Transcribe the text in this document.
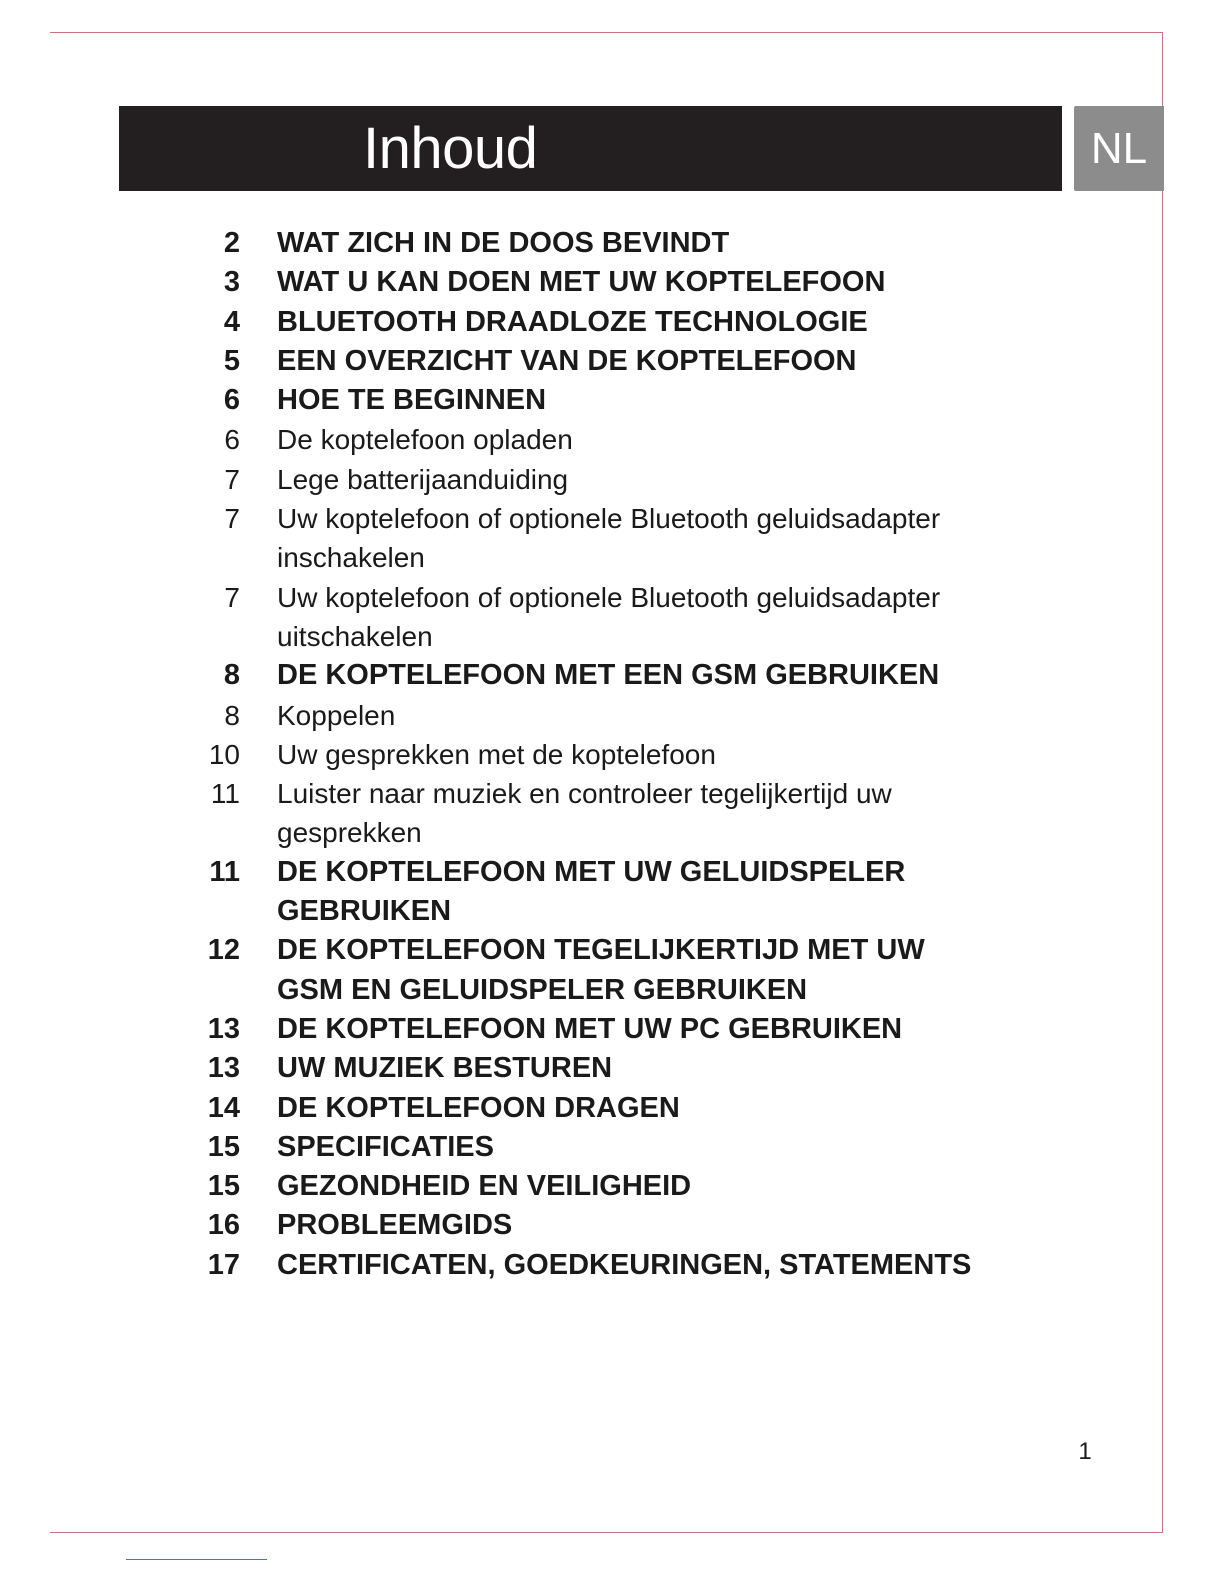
Inhoud	NL
2 WAT ZICH IN DE DOOS BEVINDT
3 WAT U KAN DOEN MET UW KOPTELEFOON
4 BLUETOOTH DRAADLOZE TECHNOLOGIE
5 EEN OVERZICHT VAN DE KOPTELEFOON
6 HOE TE BEGINNEN
6 De koptelefoon opladen
7 Lege batterijaanduiding
7 Uw koptelefoon of optionele Bluetooth geluidsadapter inschakelen
7 Uw koptelefoon of optionele Bluetooth geluidsadapter uitschakelen
8 DE KOPTELEFOON MET EEN GSM GEBRUIKEN
8 Koppelen
10 Uw gesprekken met de koptelefoon
11 Luister naar muziek en controleer tegelijkertijd uw gesprekken
11 DE KOPTELEFOON MET UW GELUIDSPELER GEBRUIKEN
12 DE KOPTELEFOON TEGELIJKERTIJD MET UW GSM EN GELUIDSPELER GEBRUIKEN
13 DE KOPTELEFOON MET UW PC GEBRUIKEN
13 UW MUZIEK BESTUREN
14 DE KOPTELEFOON DRAGEN
15 SPECIFICATIES
15 GEZONDHEID EN VEILIGHEID
16 PROBLEEMGIDS
17 CERTIFICATEN, GOEDKEURINGEN, STATEMENTS
1
